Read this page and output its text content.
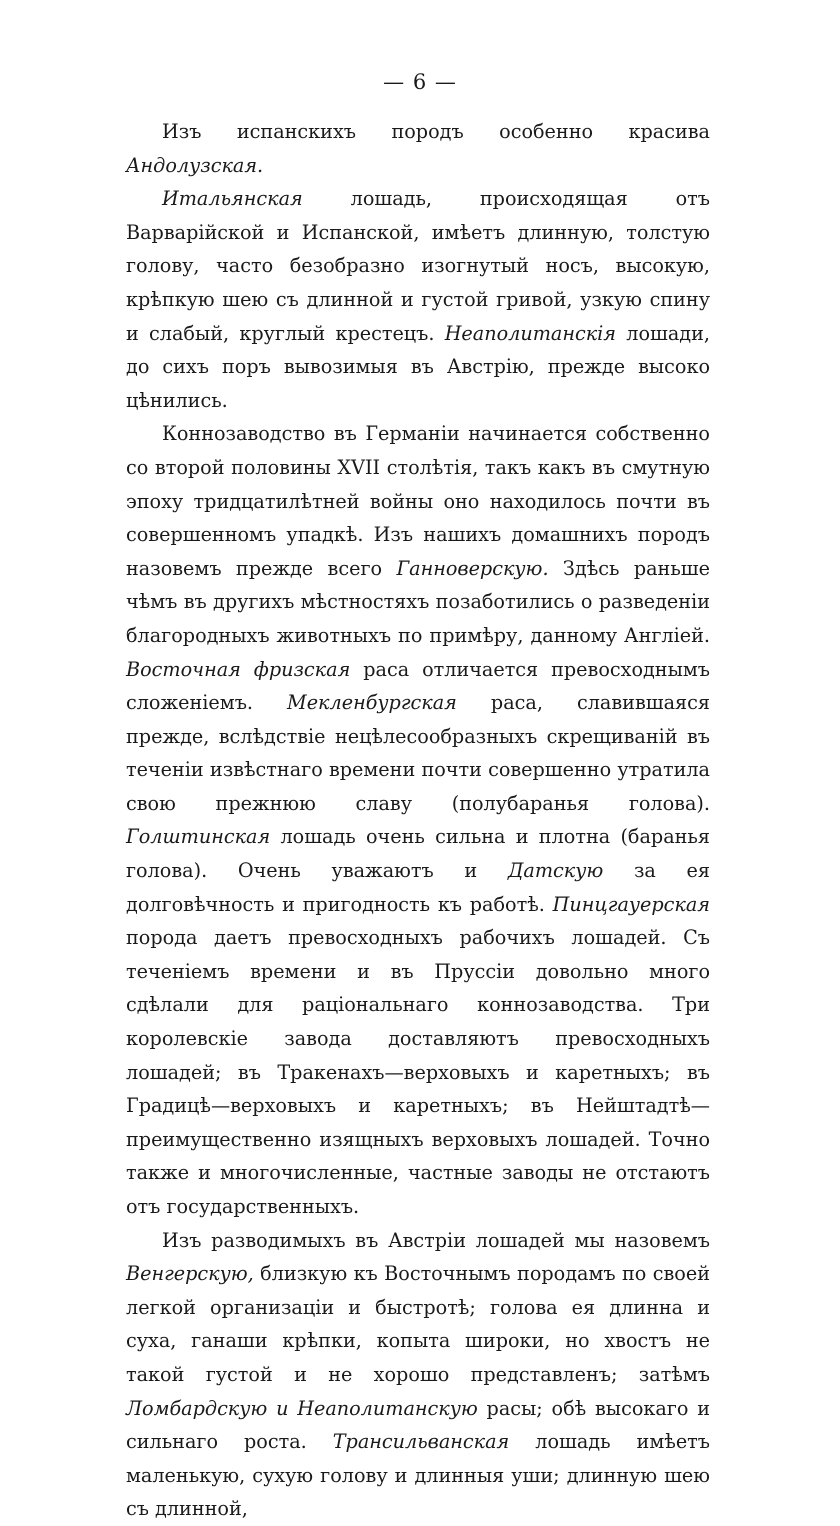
— 6 —

Изъ испанскихъ породъ особенно красива Андолузская.

Итальянская лошадь, происходящая отъ Варварійской и Испанской, имѣетъ длинную, толстую голову, часто безобразно изогнутый носъ, высокую, крѣпкую шею съ длинной и густой гривой, узкую спину и слабый, круглый крестецъ. Неаполитанскія лошади, до сихъ поръ вывозимыя въ Австрію, прежде высоко цѣнились.

Коннозаводство въ Германіи начинается собственно со второй половины XVII столѣтія, такъ какъ въ смутную эпоху тридцатилѣтней войны оно находилось почти въ совершенномъ упадкѣ. Изъ нашихъ домашнихъ породъ назовемъ прежде всего Ганноверскую. Здѣсь раньше чѣмъ въ другихъ мѣстностяхъ позаботились о разведеніи благородныхъ животныхъ по примѣру, данному Англіей. Восточная фризская раса отличается превосходнымъ сложеніемъ. Мекленбургская раса, славившаяся прежде, вслѣдствіе нецѣлесообразныхъ скрещиваній въ теченіи извѣстнаго времени почти совершенно утратила свою прежнюю славу (полубаранья голова). Голштинская лошадь очень сильна и плотна (баранья голова). Очень уважаютъ и Датскую за ея долговѣчность и пригодность къ работѣ. Пинцгауерская порода даетъ превосходныхъ рабочихъ лошадей. Съ теченіемъ времени и въ Пруссіи довольно много сдѣлали для раціональнаго коннозаводства. Три королевскіе завода доставляютъ превосходныхъ лошадей; въ Тракенахъ—верховыхъ и каретныхъ; въ Градицѣ—верховыхъ и каретныхъ; въ Нейштадтѣ—преимущественно изящныхъ верховыхъ лошадей. Точно также и многочисленные, частные заводы не отстаютъ отъ государственныхъ.

Изъ разводимыхъ въ Австріи лошадей мы назовемъ Венгерскую, близкую къ Восточнымъ породамъ по своей легкой организаціи и быстротѣ; голова ея длинна и суха, ганаши крѣпки, копыта широки, но хвостъ не такой густой и не хорошо представленъ; затѣмъ Ломбардскую и Неаполитанскую расы; обѣ высокаго и сильнаго роста. Трансильванская лошадь имѣетъ маленькую, сухую голову и длинныя уши; длинную шею съ длинной,
